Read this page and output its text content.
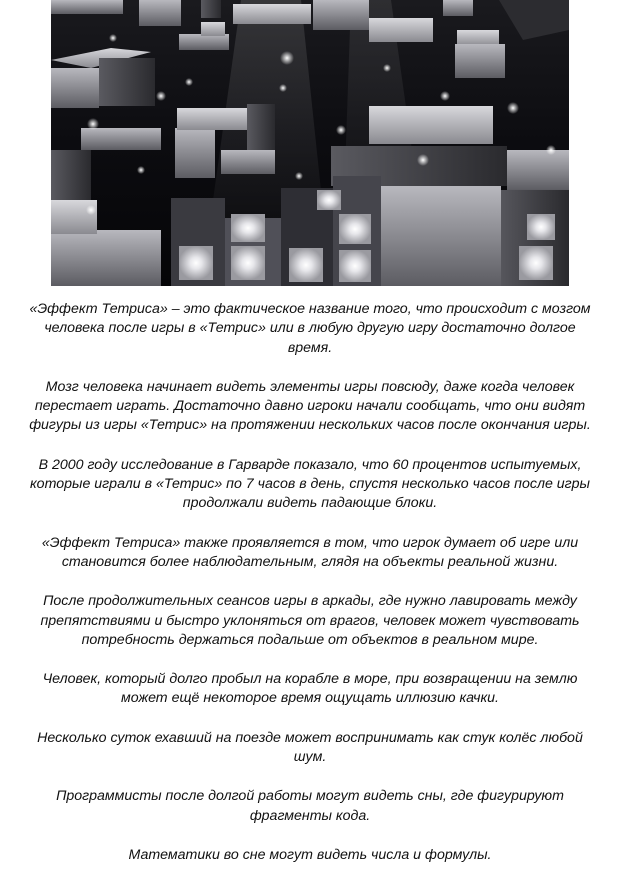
«Эффект Тетриса» – это фактическое название того, что происходит с мозгом человека после игры в «Тетрис» или в любую другую игру достаточно долгое время.

Мозг человека начинает видеть элементы игры повсюду, даже когда человек перестает играть. Достаточно давно игроки начали сообщать, что они видят фигуры из игры «Тетрис» на протяжении нескольких часов после окончания игры.

В 2000 году исследование в Гарварде показало, что 60 процентов испытуемых, которые играли в «Тетрис» по 7 часов в день, спустя несколько часов после игры продолжали видеть падающие блоки.

«Эффект Тетриса» также проявляется в том, что игрок думает об игре или становится более наблюдательным, глядя на объекты реальной жизни.

После продолжительных сеансов игры в аркады, где нужно лавировать между препятствиями и быстро уклоняться от врагов, человек может чувствовать потребность держаться подальше от объектов в реальном мире.

Человек, который долго пробыл на корабле в море, при возвращении на землю может ещё некоторое время ощущать иллюзию качки.

Несколько суток ехавший на поезде может воспринимать как стук колёс любой шум.

Программисты после долгой работы могут видеть сны, где фигурируют фрагменты кода.

Математики во сне могут видеть числа и формулы.
